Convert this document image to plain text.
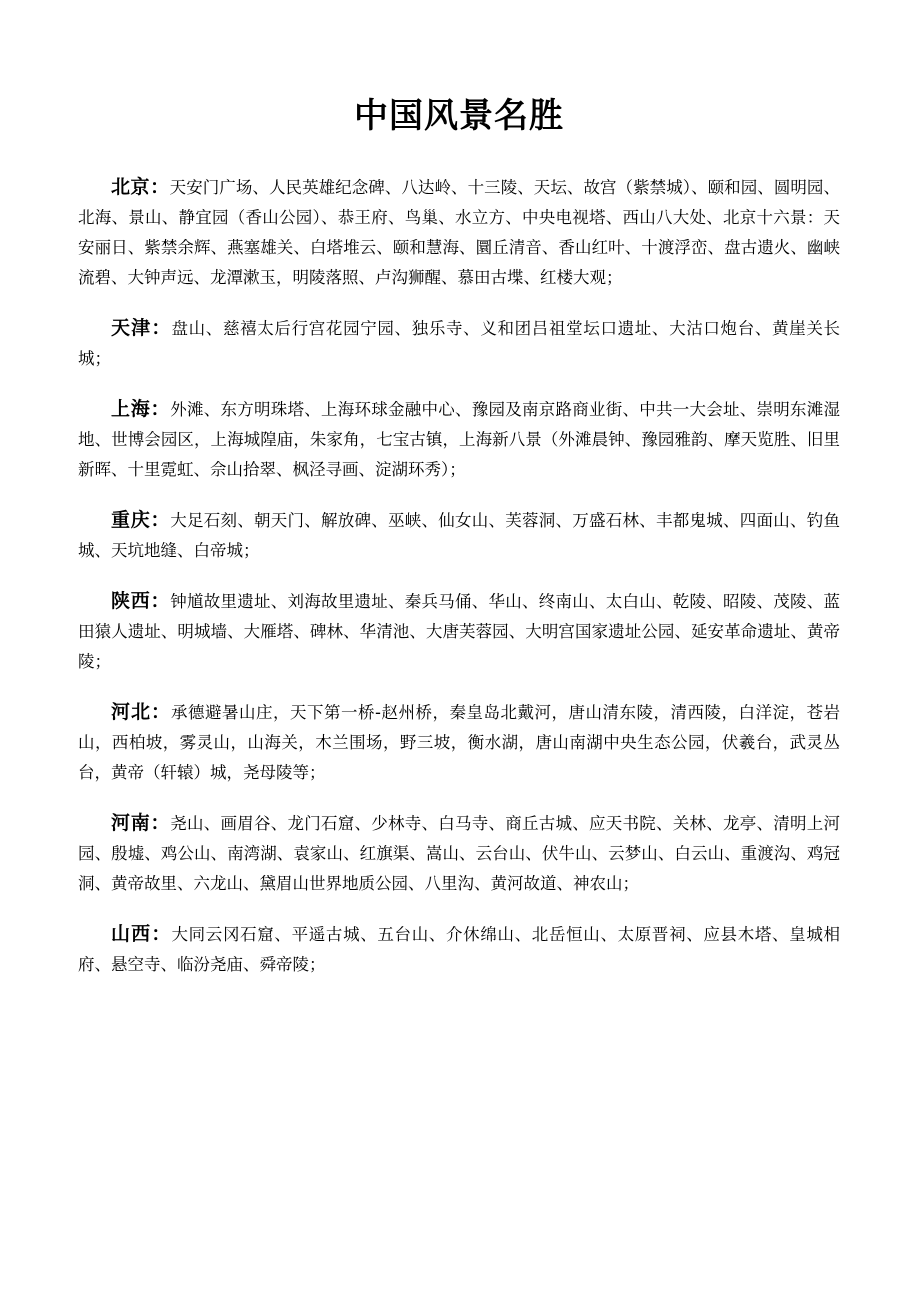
中国风景名胜

北京：天安门广场、人民英雄纪念碑、八达岭、十三陵、天坛、故宫（紫禁城）、颐和园、圆明园、北海、景山、静宜园（香山公园）、恭王府、鸟巢、水立方、中央电视塔、西山八大处、北京十六景：天安丽日、紫禁余辉、燕塞雄关、白塔堆云、颐和慧海、圜丘清音、香山红叶、十渡浮峦、盘古遗火、幽峡流碧、大钟声远、龙潭漱玉，明陵落照、卢沟狮醒、慕田古堞、红楼大观；

天津：盘山、慈禧太后行宫花园宁园、独乐寺、义和团吕祖堂坛口遗址、大沽口炮台、黄崖关长城；

上海：外滩、东方明珠塔、上海环球金融中心、豫园及南京路商业街、中共一大会址、崇明东滩湿地、世博会园区，上海城隍庙，朱家角，七宝古镇，上海新八景（外滩晨钟、豫园雅韵、摩天览胜、旧里新晖、十里霓虹、佘山拾翠、枫泾寻画、淀湖环秀）；

重庆：大足石刻、朝天门、解放碑、巫峡、仙女山、芙蓉洞、万盛石林、丰都鬼城、四面山、钓鱼城、天坑地缝、白帝城；

陕西：钟馗故里遗址、刘海故里遗址、秦兵马俑、华山、终南山、太白山、乾陵、昭陵、茂陵、蓝田猿人遗址、明城墙、大雁塔、碑林、华清池、大唐芙蓉园、大明宫国家遗址公园、延安革命遗址、黄帝陵；

河北：承德避暑山庄，天下第一桥-赵州桥，秦皇岛北戴河，唐山清东陵，清西陵，白洋淀，苍岩山，西柏坡，雾灵山，山海关，木兰围场，野三坡，衡水湖，唐山南湖中央生态公园，伏羲台，武灵丛台，黄帝（轩辕）城，尧母陵等；

河南：尧山、画眉谷、龙门石窟、少林寺、白马寺、商丘古城、应天书院、关林、龙亭、清明上河园、殷墟、鸡公山、南湾湖、袁家山、红旗渠、嵩山、云台山、伏牛山、云梦山、白云山、重渡沟、鸡冠洞、黄帝故里、六龙山、黛眉山世界地质公园、八里沟、黄河故道、神农山；

山西：大同云冈石窟、平遥古城、五台山、介休绵山、北岳恒山、太原晋祠、应县木塔、皇城相府、悬空寺、临汾尧庙、舜帝陵；
